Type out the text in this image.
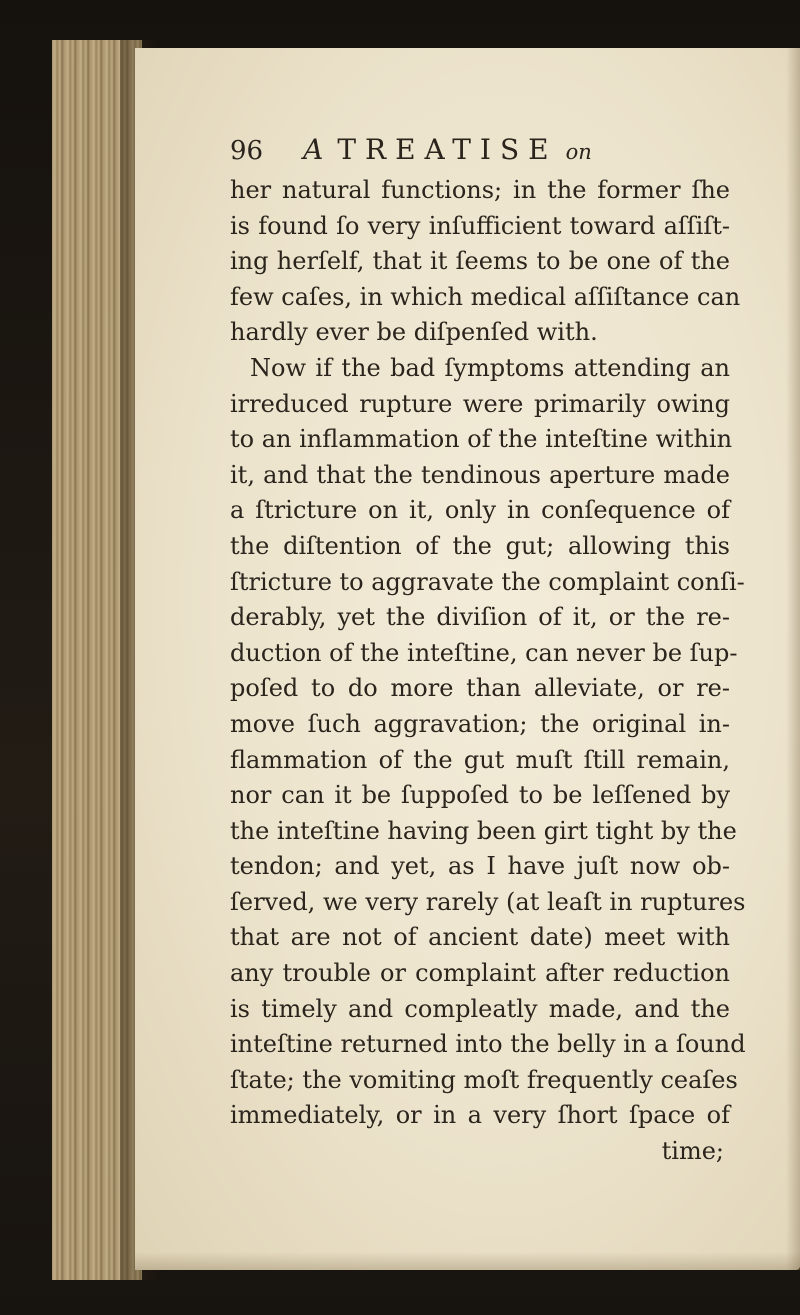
96 A TREATISE on
her natural functions; in the former ſhe
is found ſo very inſufficient toward aſſiſt-
ing herſelf, that it ſeems to be one of the
few caſes, in which medical aſſiſtance can
hardly ever be diſpenſed with.
Now if the bad ſymptoms attending an
irreduced rupture were primarily owing
to an inflammation of the inteſtine within
it, and that the tendinous aperture made
a ſtricture on it, only in conſequence of
the diſtention of the gut; allowing this
ſtricture to aggravate the complaint conſi-
derably, yet the diviſion of it, or the re-
duction of the inteſtine, can never be ſup-
poſed to do more than alleviate, or re-
move ſuch aggravation; the original in-
flammation of the gut muſt ſtill remain,
nor can it be ſuppoſed to be leſſened by
the inteſtine having been girt tight by the
tendon; and yet, as I have juſt now ob-
ſerved, we very rarely (at leaſt in ruptures
that are not of ancient date) meet with
any trouble or complaint after reduction
is timely and compleatly made, and the
inteſtine returned into the belly in a ſound
ſtate; the vomiting moſt frequently ceaſes
immediately, or in a very ſhort ſpace of
time;
